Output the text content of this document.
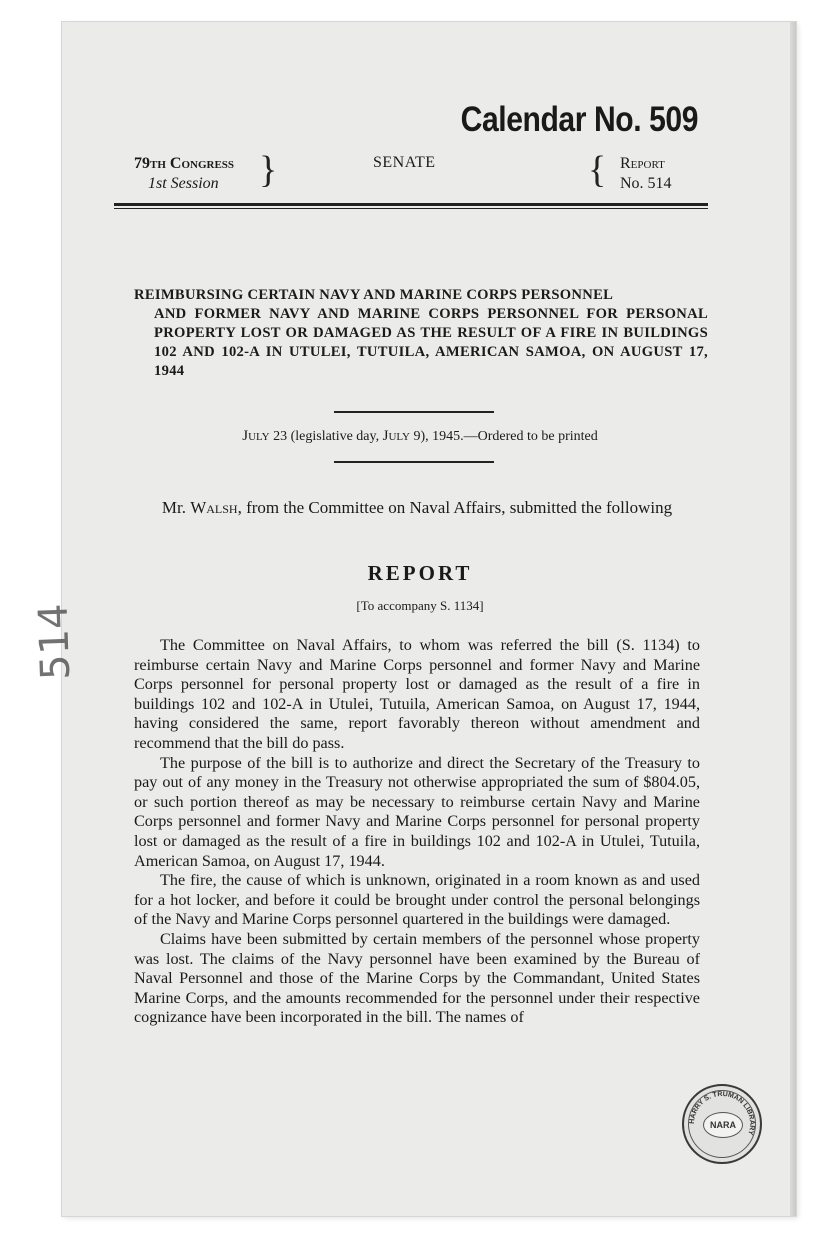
Calendar No. 509
79th Congress
1st Session	}	SENATE	{ Report
No. 514
REIMBURSING CERTAIN NAVY AND MARINE CORPS PERSONNEL
AND FORMER NAVY AND MARINE CORPS PERSONNEL FOR PERSONAL PROPERTY LOST OR DAMAGED AS THE RESULT OF A FIRE IN BUILDINGS 102 AND 102-A IN UTULEI, TUTUILA, AMERICAN SAMOA, ON AUGUST 17, 1944
July 23 (legislative day, July 9), 1945.—Ordered to be printed
Mr. Walsh, from the Committee on Naval Affairs, submitted the following
REPORT
[To accompany S. 1134]

The Committee on Naval Affairs, to whom was referred the bill (S. 1134) to reimburse certain Navy and Marine Corps personnel and former Navy and Marine Corps personnel for personal property lost or damaged as the result of a fire in buildings 102 and 102-A in Utulei, Tutuila, American Samoa, on August 17, 1944, having considered the same, report favorably thereon without amendment and recommend that the bill do pass.

The purpose of the bill is to authorize and direct the Secretary of the Treasury to pay out of any money in the Treasury not otherwise appropriated the sum of $804.05, or such portion thereof as may be necessary to reimburse certain Navy and Marine Corps personnel and former Navy and Marine Corps personnel for personal property lost or damaged as the result of a fire in buildings 102 and 102-A in Utulei, Tutuila, American Samoa, on August 17, 1944.

The fire, the cause of which is unknown, originated in a room known as and used for a hot locker, and before it could be brought under control the personal belongings of the Navy and Marine Corps personnel quartered in the buildings were damaged.

Claims have been submitted by certain members of the personnel whose property was lost. The claims of the Navy personnel have been examined by the Bureau of Naval Personnel and those of the Marine Corps by the Commandant, United States Marine Corps, and the amounts recommended for the personnel under their respective cognizance have been incorporated in the bill. The names of

514
HARRY S. TRUMAN LIBRARY
NARA
